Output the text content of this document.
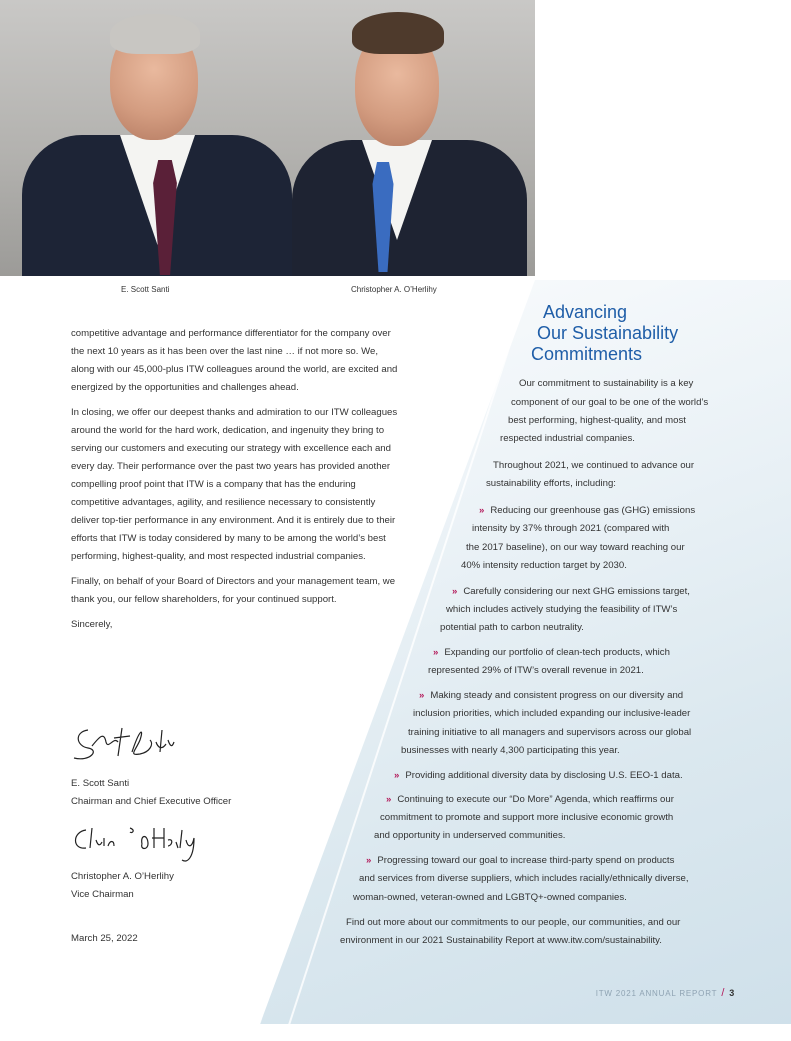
E. Scott Santi	Christopher A. O’Herlihy

competitive advantage and performance differentiator for the company over the next 10 years as it has been over the last nine … if not more so. We, along with our 45,000-plus ITW colleagues around the world, are excited and energized by the opportunities and challenges ahead.

In closing, we offer our deepest thanks and admiration to our ITW colleagues around the world for the hard work, dedication, and ingenuity they bring to serving our customers and executing our strategy with excellence each and every day. Their performance over the past two years has provided another compelling proof point that ITW is a company that has the enduring competitive advantages, agility, and resilience necessary to consistently deliver top-tier performance in any environment. And it is entirely due to their efforts that ITW is today considered by many to be among the world’s best performing, highest-quality, and most respected industrial companies.

Finally, on behalf of your Board of Directors and your management team, we thank you, our fellow shareholders, for your continued support.

Sincerely,

E. Scott Santi
Chairman and Chief Executive Officer
Christopher A. O’Herlihy
Vice Chairman
March 25, 2022
Advancing
Our Sustainability
Commitments
Our commitment to sustainability is a key
component of our goal to be one of the world’s
best performing, highest-quality, and most
respected industrial companies.
Throughout 2021, we continued to advance our
sustainability efforts, including:
» Reducing our greenhouse gas (GHG) emissions
intensity by 37% through 2021 (compared with
the 2017 baseline), on our way toward reaching our
40% intensity reduction target by 2030.
» Carefully considering our next GHG emissions target,
which includes actively studying the feasibility of ITW’s
potential path to carbon neutrality.
» Expanding our portfolio of clean-tech products, which
represented 29% of ITW’s overall revenue in 2021.
» Making steady and consistent progress on our diversity and
inclusion priorities, which included expanding our inclusive-leader
training initiative to all managers and supervisors across our global
businesses with nearly 4,300 participating this year.
» Providing additional diversity data by disclosing U.S. EEO-1 data.
» Continuing to execute our “Do More” Agenda, which reaffirms our
commitment to promote and support more inclusive economic growth
and opportunity in underserved communities.
» Progressing toward our goal to increase third-party spend on products
and services from diverse suppliers, which includes racially/ethnically diverse,
woman-owned, veteran-owned and LGBTQ+-owned companies.
Find out more about our commitments to our people, our communities, and our
environment in our 2021 Sustainability Report at www.itw.com/sustainability.
ITW 2021 ANNUAL REPORT / 3
